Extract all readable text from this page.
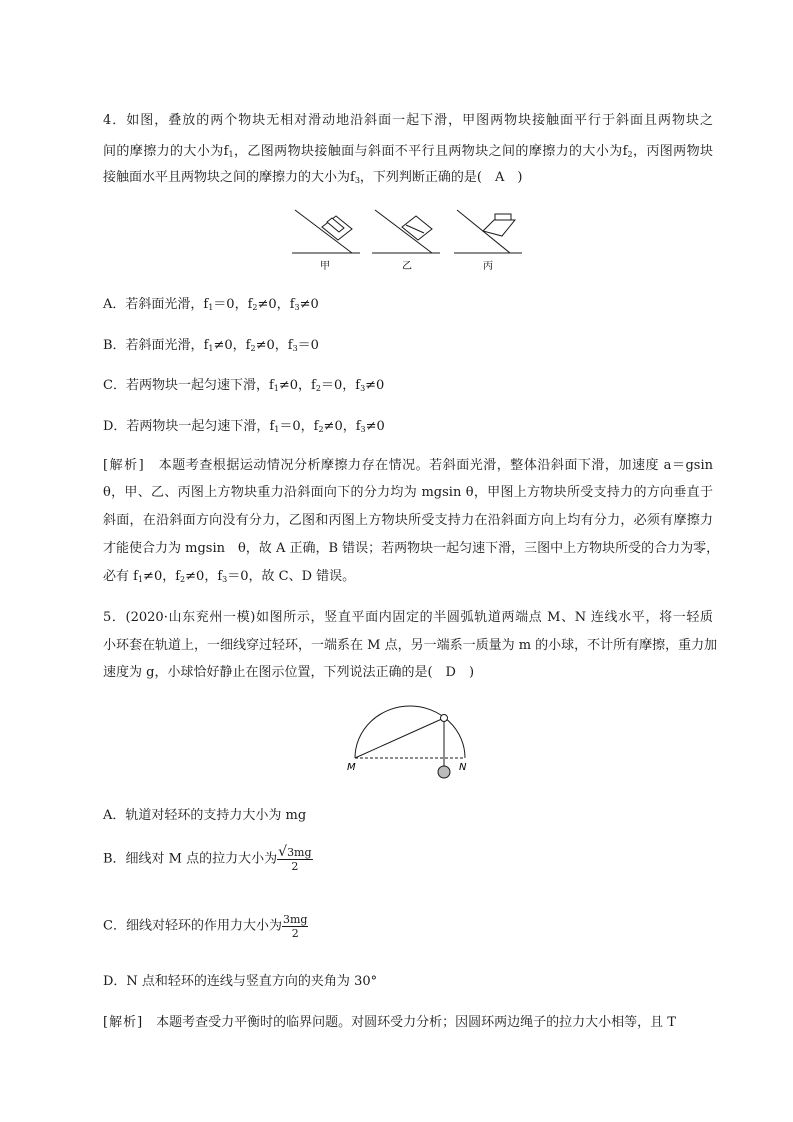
4．如图，叠放的两个物块无相对滑动地沿斜面一起下滑，甲图两物块接触面平行于斜面且两物块之
间的摩擦力的大小为$f_1$，乙图两物块接触面与斜面不平行且两物块之间的摩擦力的大小为$f_2$，丙图两物块
接触面水平且两物块之间的摩擦力的大小为$f_3$，下列判断正确的是(　A　)
甲	乙	丙
A．若斜面光滑，$f_1=0$，$f_2\ne 0$，$f_3\ne 0$
B．若斜面光滑，$f_1\ne 0$，$f_2\ne 0$，$f_3=0$
C．若两物块一起匀速下滑，$f_1\ne 0$，$f_2=0$，$f_3\ne 0$
D．若两物块一起匀速下滑，$f_1=0$，$f_2\ne 0$，$f_3\ne 0$
[解析]　本题考查根据运动情况分析摩擦力存在情况。若斜面光滑，整体沿斜面下滑，加速度 a＝gsin
θ，甲、乙、丙图上方物块重力沿斜面向下的分力均为 mgsin θ，甲图上方物块所受支持力的方向垂直于
斜面，在沿斜面方向没有分力，乙图和丙图上方物块所受支持力在沿斜面方向上均有分力，必须有摩擦力
才能使合力为 mgsin　θ，故 A 正确，B 错误；若两物块一起匀速下滑，三图中上方物块所受的合力为零，
必有 $f_1\ne 0$，$f_2\ne 0$，$f_3=0$，故 C、D 错误。
5．(2020·山东兖州一模)如图所示，竖直平面内固定的半圆弧轨道两端点 M、N 连线水平，将一轻质
小环套在轨道上，一细线穿过轻环，一端系在 M 点，另一端系一质量为 m 的小球，不计所有摩擦，重力加
速度为 g，小球恰好静止在图示位置，下列说法正确的是(　D　)
M	N
A．轨道对轻环的支持力大小为 mg
B．细线对 M 点的拉力大小为 $\frac{√3mg}{2}$
C．细线对轻环的作用力大小为 $\frac{3mg}{2}$
D．N 点和轻环的连线与竖直方向的夹角为 30°
[解析]　本题考查受力平衡时的临界问题。对圆环受力分析；因圆环两边绳子的拉力大小相等，且 T
